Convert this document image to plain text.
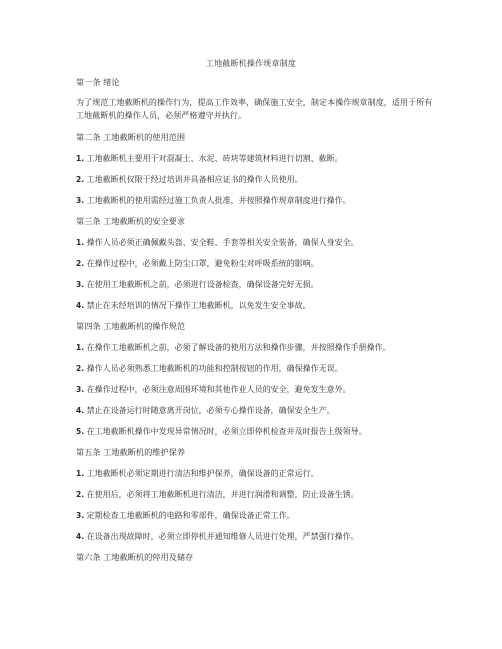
工地截断机操作规章制度

第一条 绪论

为了规范工地截断机的操作行为，提高工作效率，确保施工安全，制定本操作规章制度，适用于所有工地截断机的操作人员，必须严格遵守并执行。

第二条 工地截断机的使用范围

1. 工地截断机主要用于对混凝土、水泥、砖块等建筑材料进行切割、截断。

2. 工地截断机仅限于经过培训并具备相应证书的操作人员使用。

3. 工地截断机的使用需经过施工负责人批准，并按照操作规章制度进行操作。

第三条 工地截断机的安全要求

1. 操作人员必须正确佩戴头盔、安全鞋、手套等相关安全装备，确保人身安全。

2. 在操作过程中，必须戴上防尘口罩，避免粉尘对呼吸系统的影响。

3. 在使用工地截断机之前，必须进行设备检查，确保设备完好无损。

4. 禁止在未经培训的情况下操作工地截断机，以免发生安全事故。

第四条 工地截断机的操作规范

1. 在操作工地截断机之前，必须了解设备的使用方法和操作步骤，并按照操作手册操作。

2. 操作人员必须熟悉工地截断机的功能和控制按钮的作用，确保操作无误。

3. 在操作过程中，必须注意周围环境和其他作业人员的安全，避免发生意外。

4. 禁止在设备运行时随意离开岗位，必须专心操作设备，确保安全生产。

5. 在工地截断机操作中发现异常情况时，必须立即停机检查并及时报告上级领导。

第五条 工地截断机的维护保养

1. 工地截断机必须定期进行清洁和维护保养，确保设备的正常运行。

2. 在使用后，必须将工地截断机进行清洁，并进行润滑和调整，防止设备生锈。

3. 定期检查工地截断机的电路和零部件，确保设备正常工作。

4. 在设备出现故障时，必须立即停机并通知维修人员进行处理，严禁强行操作。

第六条 工地截断机的停用及储存
